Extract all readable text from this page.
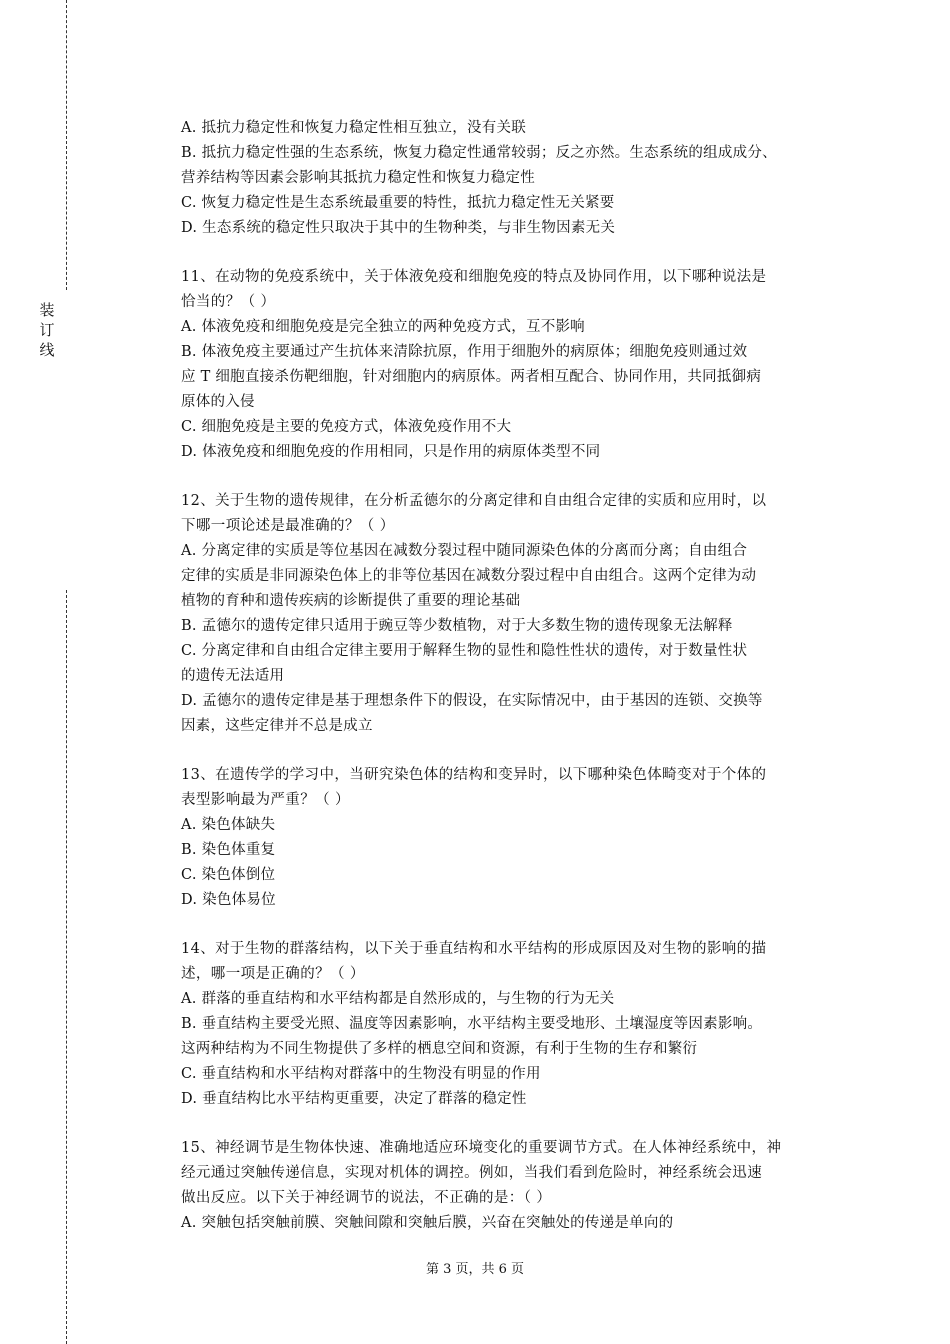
装
订
线
A. 抵抗力稳定性和恢复力稳定性相互独立，没有关联
B. 抵抗力稳定性强的生态系统，恢复力稳定性通常较弱；反之亦然。生态系统的组成成分、
营养结构等因素会影响其抵抗力稳定性和恢复力稳定性
C. 恢复力稳定性是生态系统最重要的特性，抵抗力稳定性无关紧要
D. 生态系统的稳定性只取决于其中的生物种类，与非生物因素无关
11、在动物的免疫系统中，关于体液免疫和细胞免疫的特点及协同作用，以下哪种说法是
恰当的？（ ）
A. 体液免疫和细胞免疫是完全独立的两种免疫方式，互不影响
B. 体液免疫主要通过产生抗体来清除抗原，作用于细胞外的病原体；细胞免疫则通过效
应 T 细胞直接杀伤靶细胞，针对细胞内的病原体。两者相互配合、协同作用，共同抵御病
原体的入侵
C. 细胞免疫是主要的免疫方式，体液免疫作用不大
D. 体液免疫和细胞免疫的作用相同，只是作用的病原体类型不同
12、关于生物的遗传规律，在分析孟德尔的分离定律和自由组合定律的实质和应用时，以
下哪一项论述是最准确的？（ ）
A. 分离定律的实质是等位基因在减数分裂过程中随同源染色体的分离而分离；自由组合
定律的实质是非同源染色体上的非等位基因在减数分裂过程中自由组合。这两个定律为动
植物的育种和遗传疾病的诊断提供了重要的理论基础
B. 孟德尔的遗传定律只适用于豌豆等少数植物，对于大多数生物的遗传现象无法解释
C. 分离定律和自由组合定律主要用于解释生物的显性和隐性性状的遗传，对于数量性状
的遗传无法适用
D. 孟德尔的遗传定律是基于理想条件下的假设，在实际情况中，由于基因的连锁、交换等
因素，这些定律并不总是成立
13、在遗传学的学习中，当研究染色体的结构和变异时，以下哪种染色体畸变对于个体的
表型影响最为严重？（ ）
A. 染色体缺失
B. 染色体重复
C. 染色体倒位
D. 染色体易位
14、对于生物的群落结构，以下关于垂直结构和水平结构的形成原因及对生物的影响的描
述，哪一项是正确的？（ ）
A. 群落的垂直结构和水平结构都是自然形成的，与生物的行为无关
B. 垂直结构主要受光照、温度等因素影响，水平结构主要受地形、土壤湿度等因素影响。
这两种结构为不同生物提供了多样的栖息空间和资源，有利于生物的生存和繁衍
C. 垂直结构和水平结构对群落中的生物没有明显的作用
D. 垂直结构比水平结构更重要，决定了群落的稳定性
15、神经调节是生物体快速、准确地适应环境变化的重要调节方式。在人体神经系统中，神
经元通过突触传递信息，实现对机体的调控。例如，当我们看到危险时，神经系统会迅速
做出反应。以下关于神经调节的说法，不正确的是：（ ）
A. 突触包括突触前膜、突触间隙和突触后膜，兴奋在突触处的传递是单向的
第 3 页，共 6 页
